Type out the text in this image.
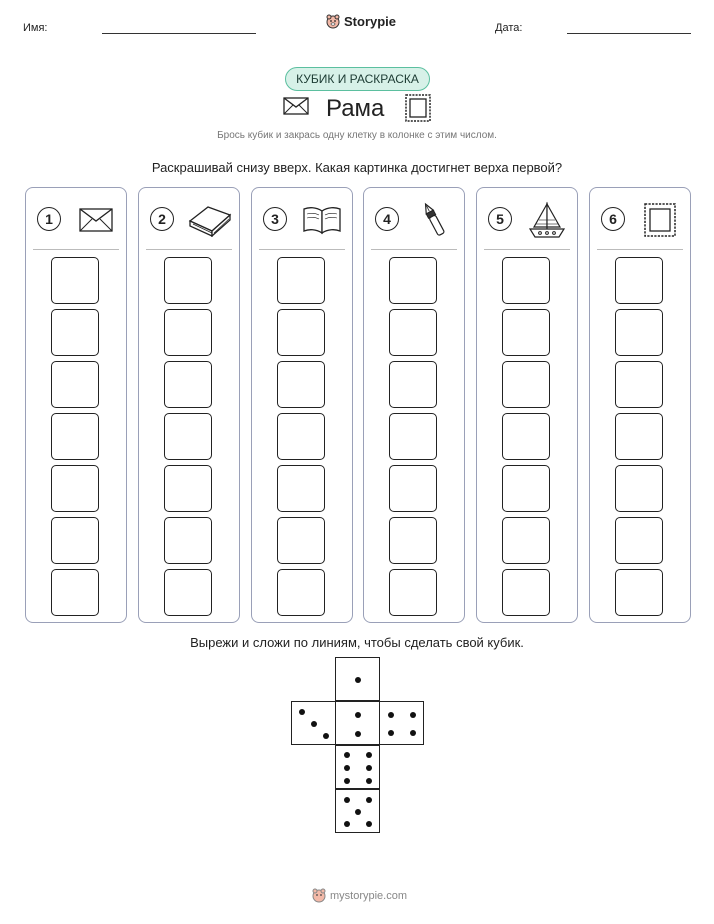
Имя:	Storypie	Дата:
КУБИК И РАСКРАСКА
Рама
Брось кубик и закрась одну клетку в колонке с этим числом.
Раскрашивай снизу вверх. Какая картинка достигнет верха первой?
1	2	3	4	5	6
Вырежи и сложи по линиям, чтобы сделать свой кубик.
mystorypie.com
